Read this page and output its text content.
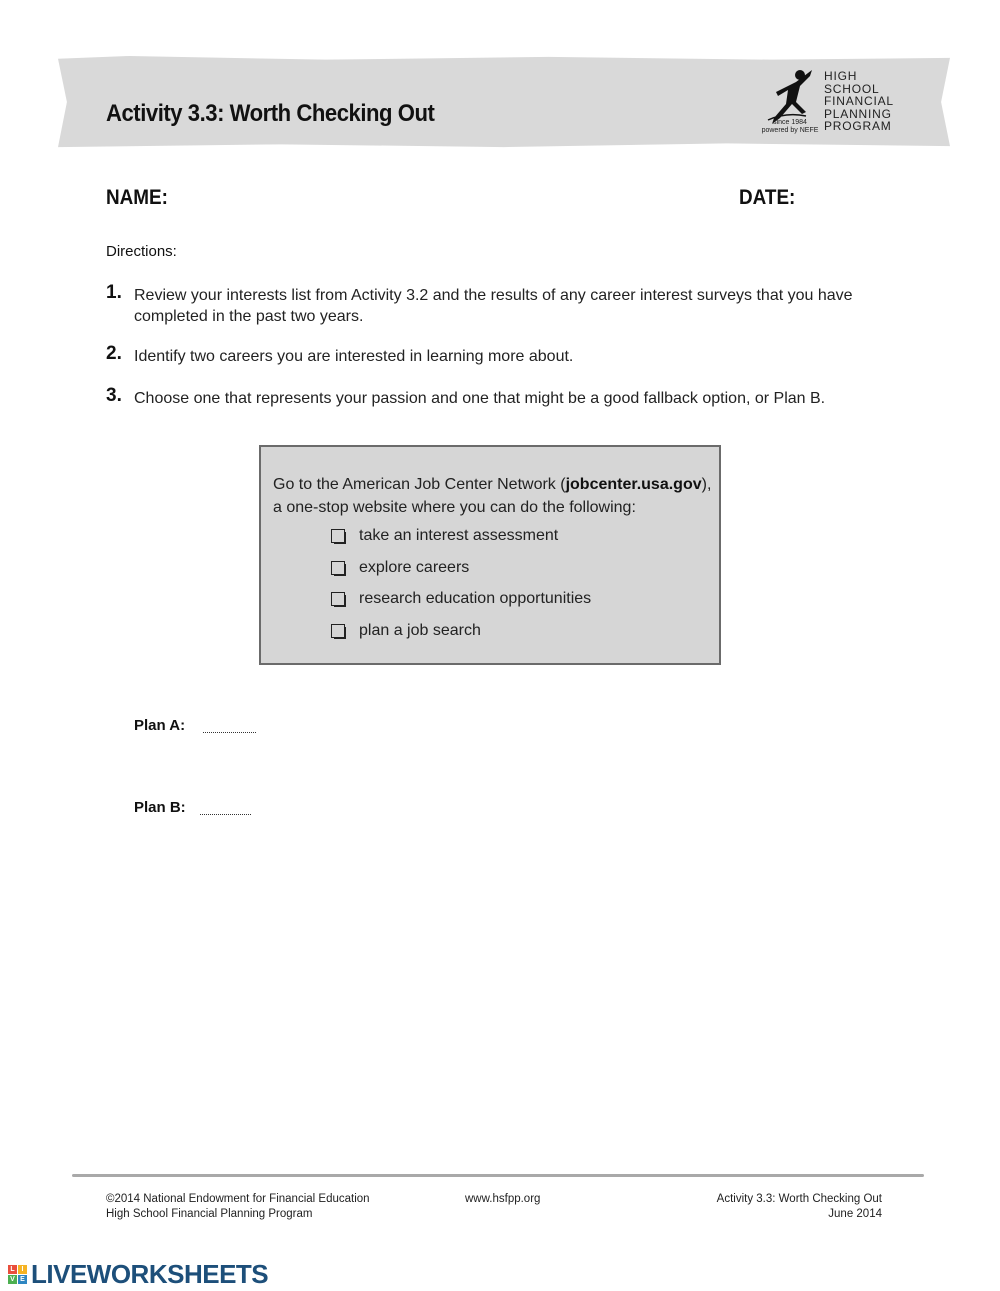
Activity 3.3: Worth Checking Out	since 1984
powered by NEFE
HIGH
SCHOOL
FINANCIAL
PLANNING
PROGRAM
NAME:	DATE:
Directions:
1. Review your interests list from Activity 3.2 and the results of any career interest surveys that you have completed in the past two years.
2. Identify two careers you are interested in learning more about.
3. Choose one that represents your passion and one that might be a good fallback option, or Plan B.
Go to the American Job Center Network (jobcenter.usa.gov), a one-stop website where you can do the following:
take an interest assessment
explore careers
research education opportunities
plan a job search
Plan A:
Plan B:
©2014 National Endowment for Financial Education
High School Financial Planning Program
www.hsfpp.org	Activity 3.3: Worth Checking Out
June 2014
L I
V E LIVEWORKSHEETS
